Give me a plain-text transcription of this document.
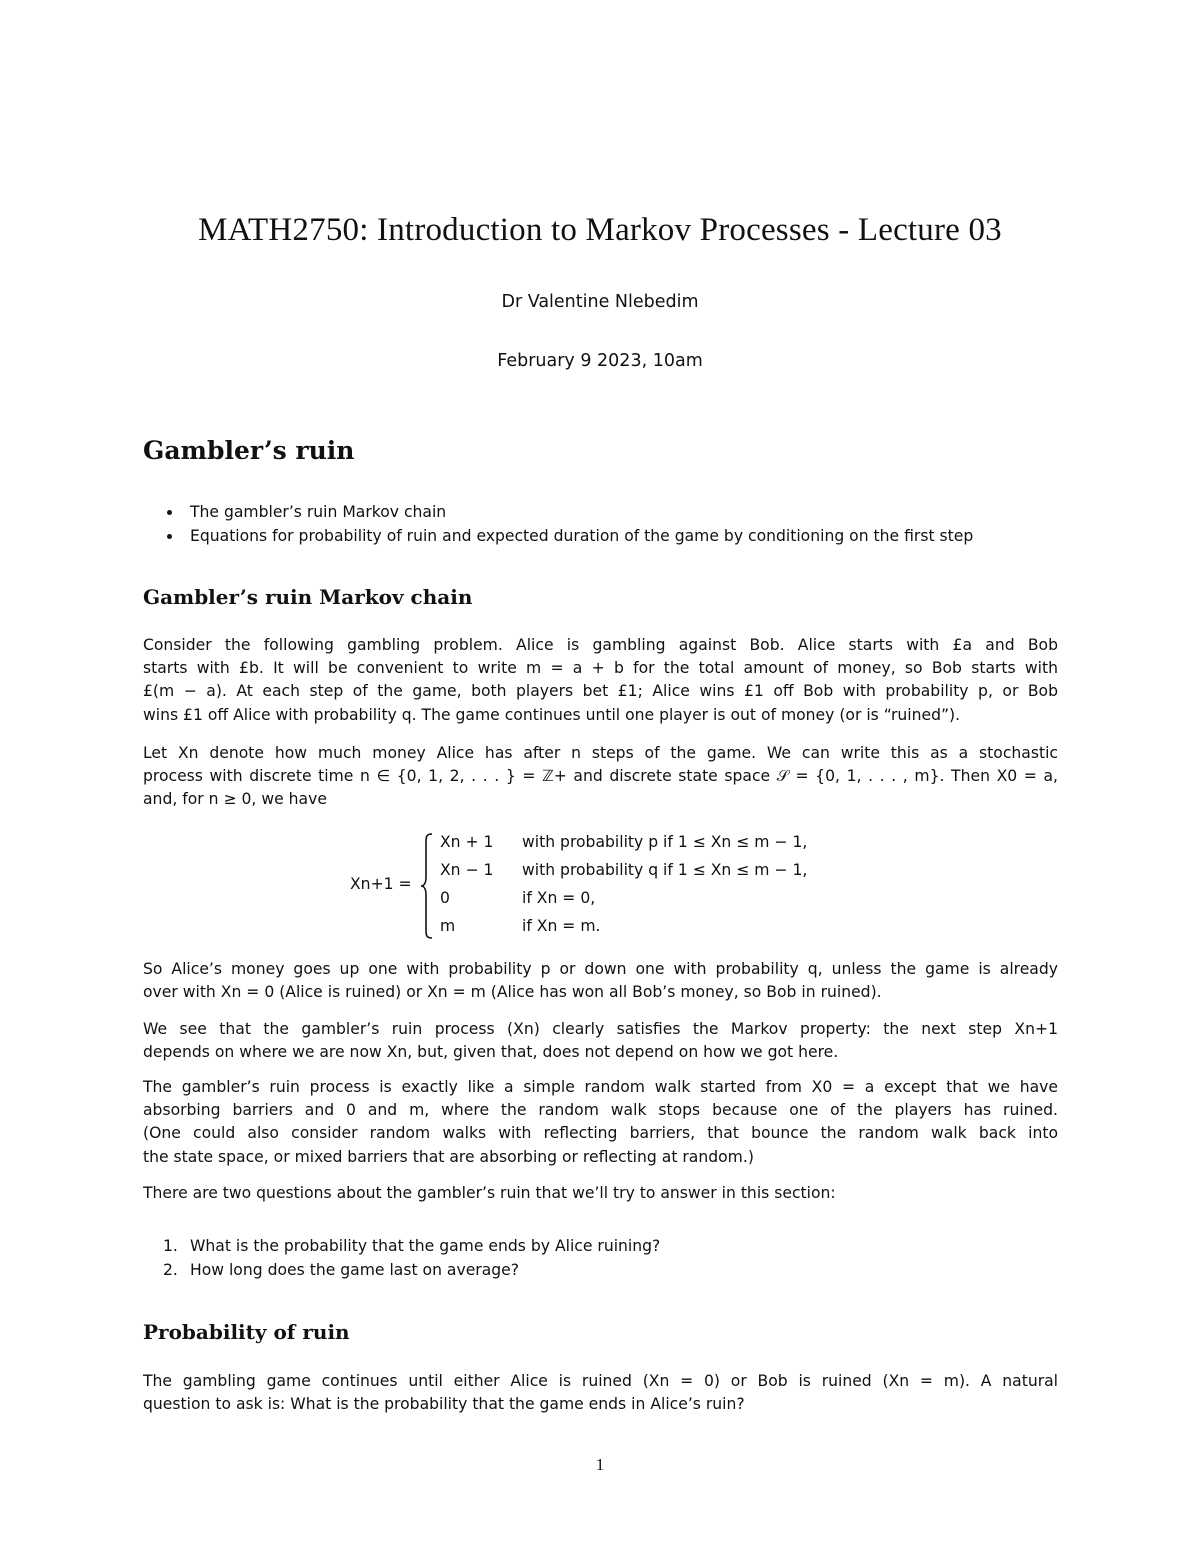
MATH2750: Introduction to Markov Processes - Lecture 03
Dr Valentine Nlebedim
February 9 2023, 10am
Gambler’s ruin
The gambler’s ruin Markov chain
Equations for probability of ruin and expected duration of the game by conditioning on the first step
Gambler’s ruin Markov chain
Consider the following gambling problem. Alice is gambling against Bob. Alice starts with £a and Bob
starts with £b. It will be convenient to write m = a + b for the total amount of money, so Bob starts with
£(m − a). At each step of the game, both players bet £1; Alice wins £1 off Bob with probability p, or Bob
wins £1 off Alice with probability q. The game continues until one player is out of money (or is “ruined”).
Let Xn denote how much money Alice has after n steps of the game. We can write this as a stochastic
process with discrete time n ∈ {0, 1, 2, . . . } = ℤ+ and discrete state space 𝒮 = {0, 1, . . . , m}. Then X0 = a,
and, for n ≥ 0, we have
Xn+1 =
Xn + 1 with probability p if 1 ≤ Xn ≤ m − 1,
Xn − 1 with probability q if 1 ≤ Xn ≤ m − 1,
0	if Xn = 0,
m	if Xn = m.
So Alice’s money goes up one with probability p or down one with probability q, unless the game is already
over with Xn = 0 (Alice is ruined) or Xn = m (Alice has won all Bob’s money, so Bob in ruined).
We see that the gambler’s ruin process (Xn) clearly satisfies the Markov property: the next step Xn+1
depends on where we are now Xn, but, given that, does not depend on how we got here.
The gambler’s ruin process is exactly like a simple random walk started from X0 = a except that we have
absorbing barriers and 0 and m, where the random walk stops because one of the players has ruined.
(One could also consider random walks with reflecting barriers, that bounce the random walk back into
the state space, or mixed barriers that are absorbing or reflecting at random.)
There are two questions about the gambler’s ruin that we’ll try to answer in this section:
1. What is the probability that the game ends by Alice ruining?
2. How long does the game last on average?
Probability of ruin
The gambling game continues until either Alice is ruined (Xn = 0) or Bob is ruined (Xn = m). A natural
question to ask is: What is the probability that the game ends in Alice’s ruin?
1
